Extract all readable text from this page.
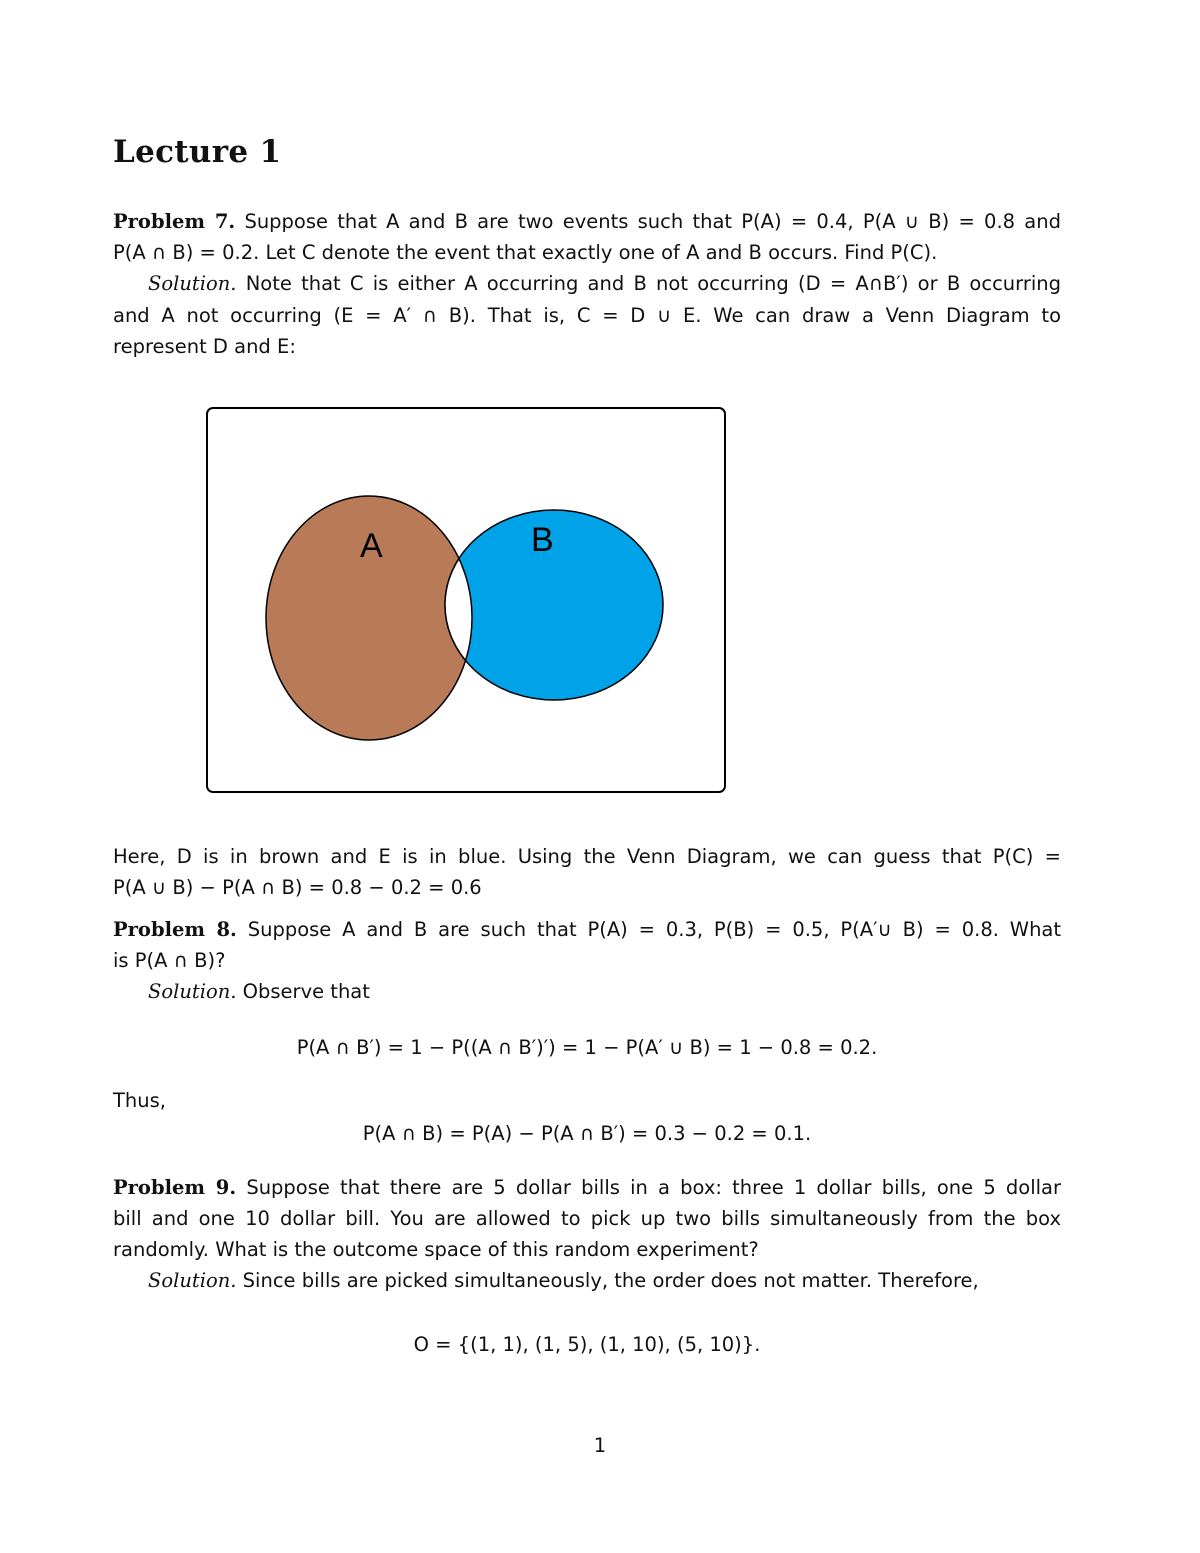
Lecture 1
Problem 7. Suppose that A and B are two events such that P(A) = 0.4, P(A ∪ B) = 0.8 and
P(A ∩ B) = 0.2. Let C denote the event that exactly one of A and B occurs. Find P(C).
Solution. Note that C is either A occurring and B not occurring (D = A∩B′) or B occurring
and A not occurring (E = A′ ∩ B). That is, C = D ∪ E. We can draw a Venn Diagram to
represent D and E:
A	B
Here, D is in brown and E is in blue. Using the Venn Diagram, we can guess that P(C) =
P(A ∪ B) − P(A ∩ B) = 0.8 − 0.2 = 0.6
Problem 8. Suppose A and B are such that P(A) = 0.3, P(B) = 0.5, P(A′∪ B) = 0.8. What
is P(A ∩ B)?
Solution. Observe that
P(A ∩ B′) = 1 − P((A ∩ B′)′) = 1 − P(A′ ∪ B) = 1 − 0.8 = 0.2.
Thus,
P(A ∩ B) = P(A) − P(A ∩ B′) = 0.3 − 0.2 = 0.1.
Problem 9. Suppose that there are 5 dollar bills in a box: three 1 dollar bills, one 5 dollar
bill and one 10 dollar bill. You are allowed to pick up two bills simultaneously from the box
randomly. What is the outcome space of this random experiment?
Solution. Since bills are picked simultaneously, the order does not matter. Therefore,
O = {(1, 1), (1, 5), (1, 10), (5, 10)}.
1
